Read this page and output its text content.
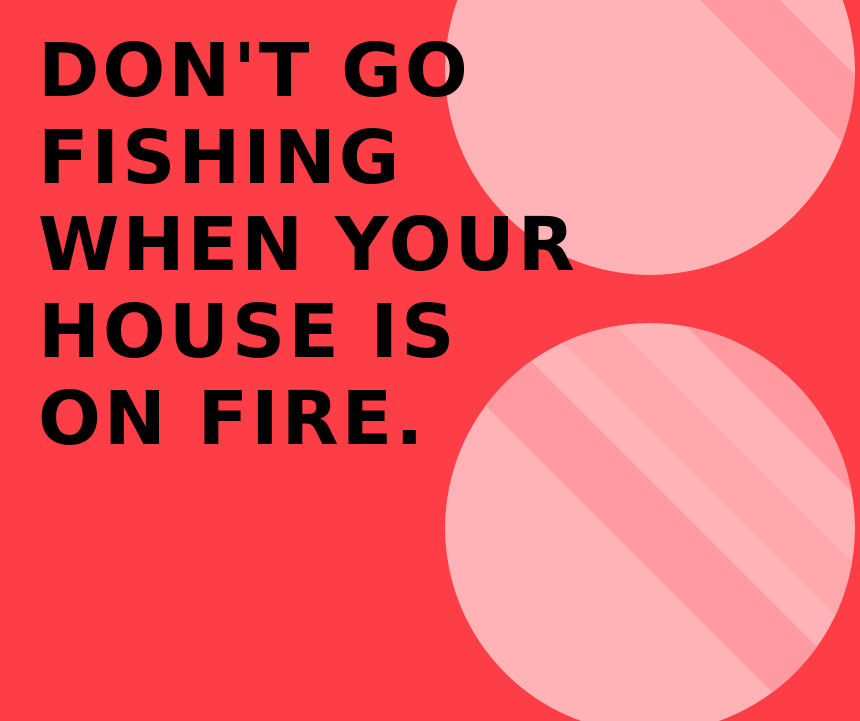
DON'T GO
FISHING
WHEN YOUR
HOUSE IS
ON FIRE.
